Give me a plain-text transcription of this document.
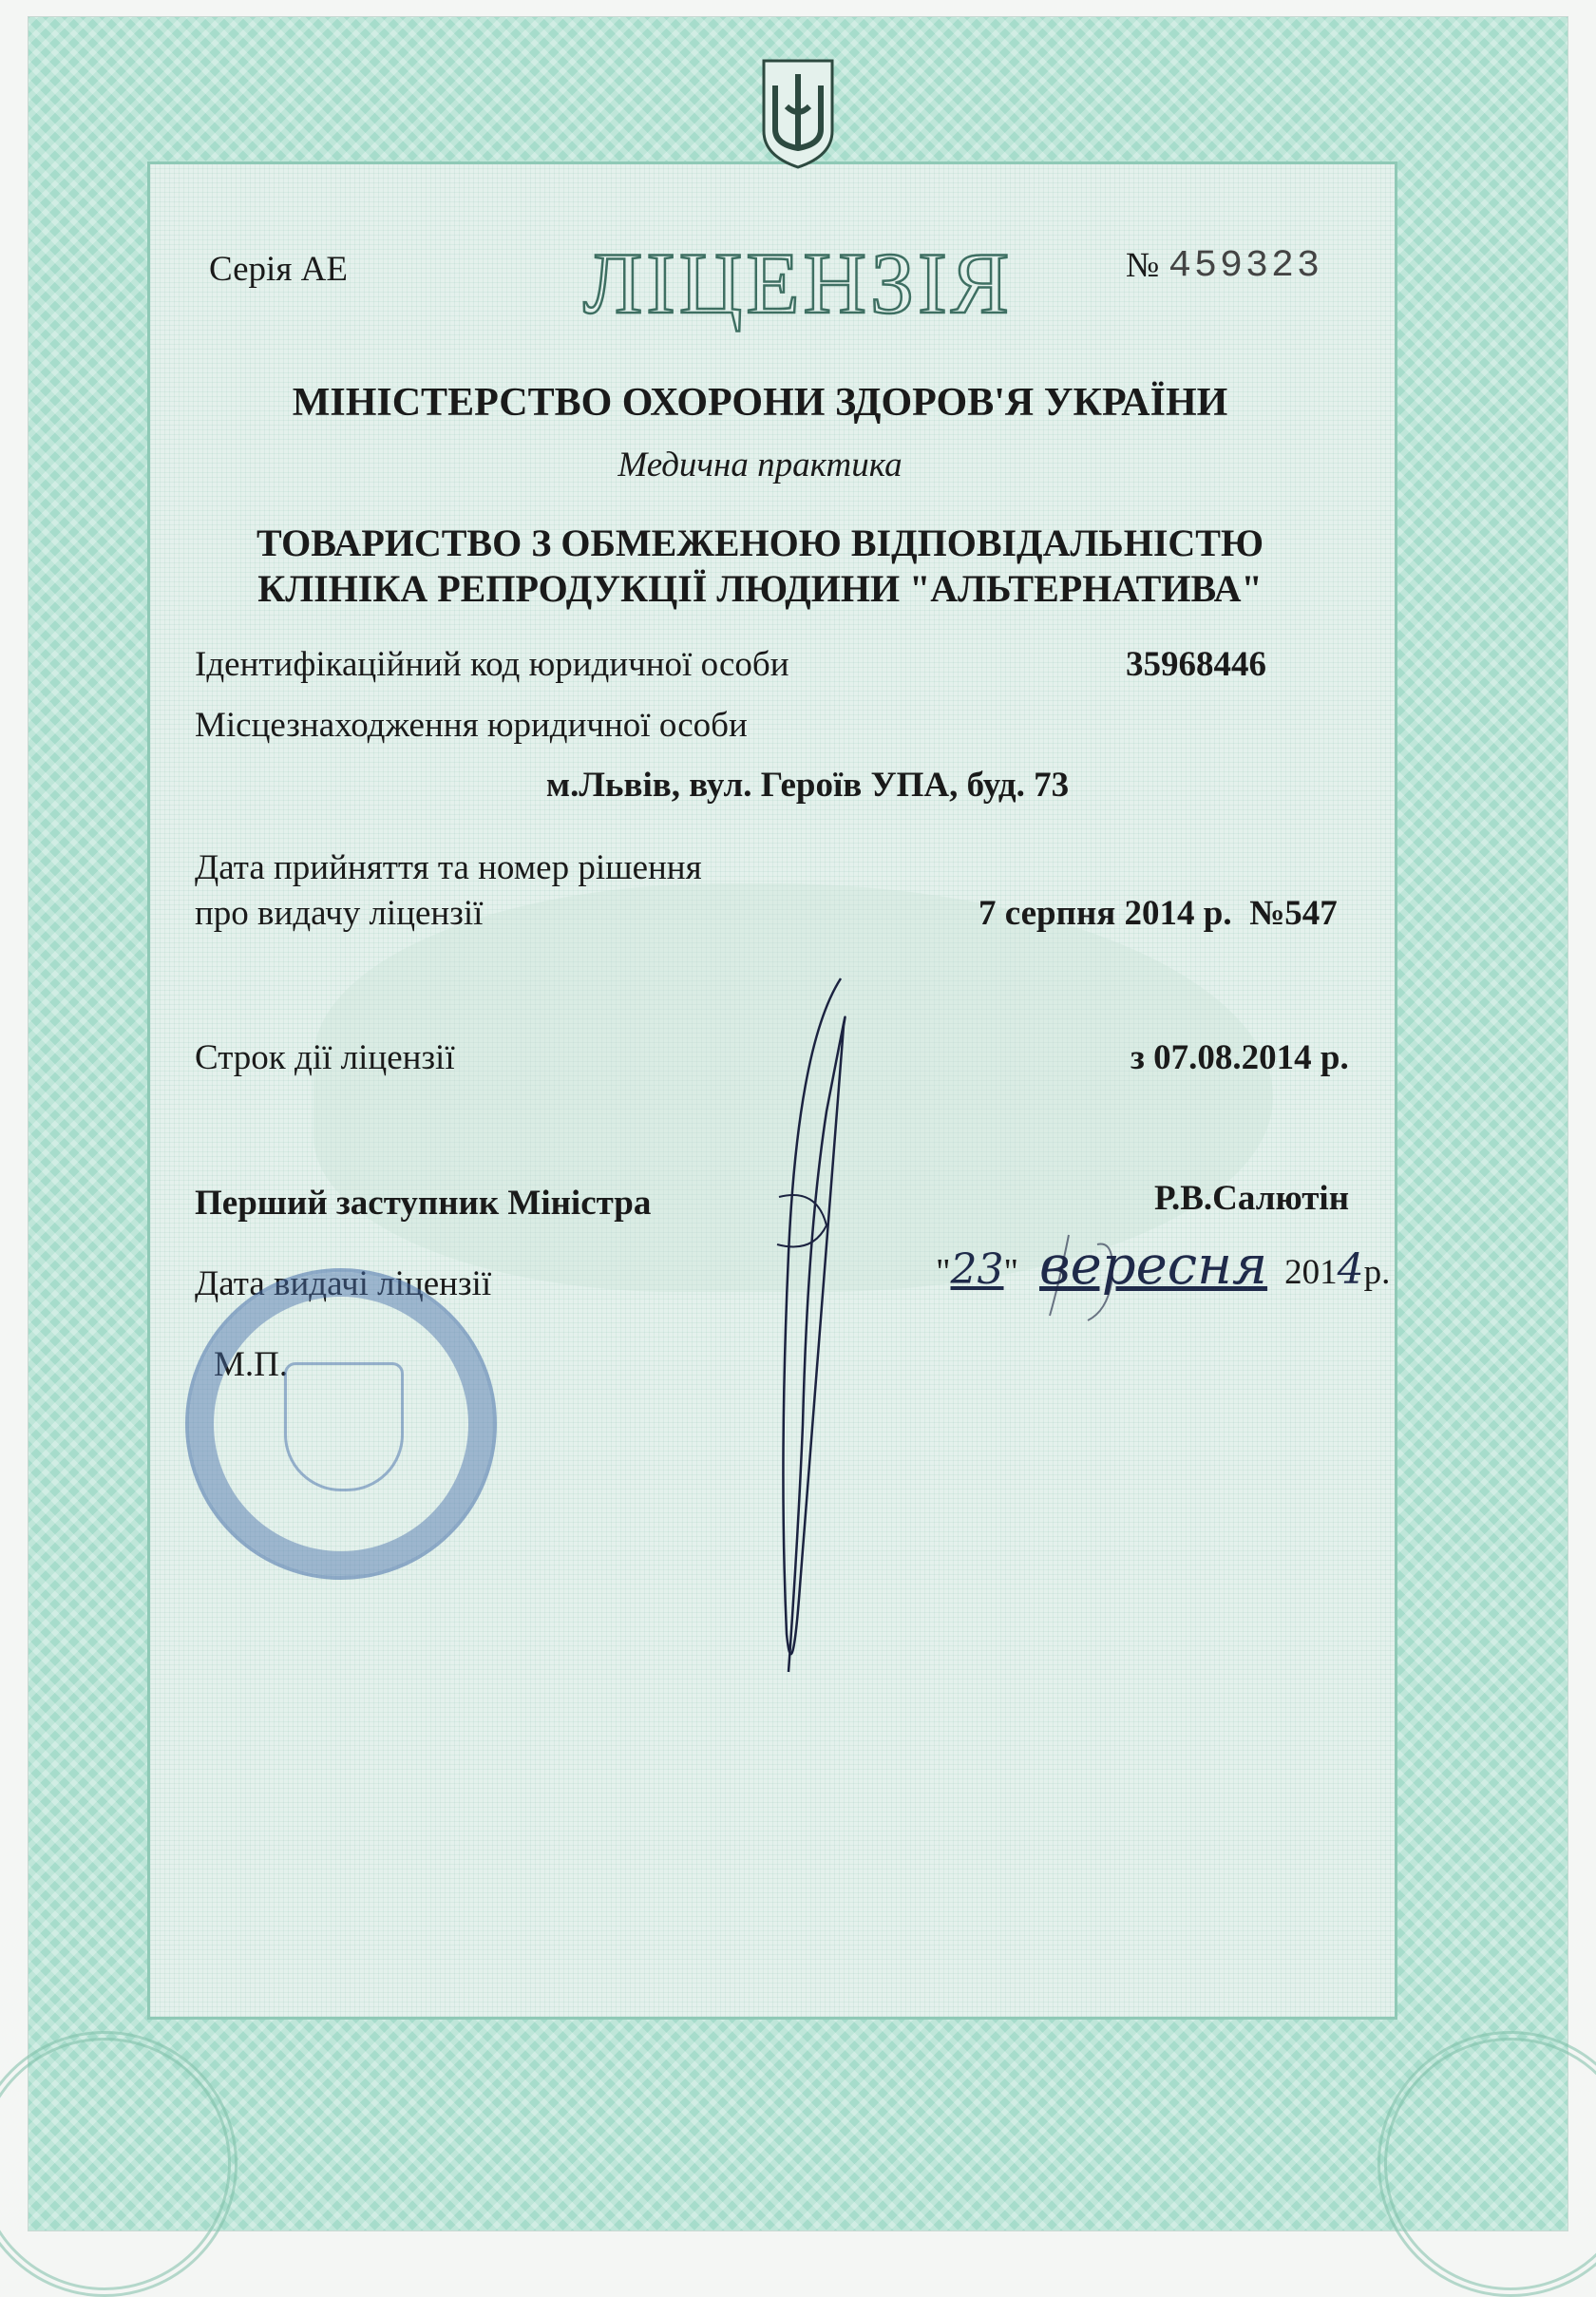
Серія АЕ	ЛІЦЕНЗІЯ	№ 459323
МІНІСТЕРСТВО ОХОРОНИ ЗДОРОВ'Я УКРАЇНИ
Медична практика
ТОВАРИСТВО З ОБМЕЖЕНОЮ ВІДПОВІДАЛЬНІСТЮ
КЛІНІКА РЕПРОДУКЦІЇ ЛЮДИНИ "АЛЬТЕРНАТИВА"
Ідентифікаційний код юридичної особи	35968446
Місцезнаходження юридичної особи
м.Львів, вул. Героїв УПА, буд. 73
Дата прийняття та номер рішення
про видачу ліцензії	7 серпня 2014 р.  №547
Строк дії ліцензії	з 07.08.2014 р.
Перший заступник Міністра	Р.В.Салютін
Дата видачі ліцензії	"23" вересня 2014р.
М.П.
